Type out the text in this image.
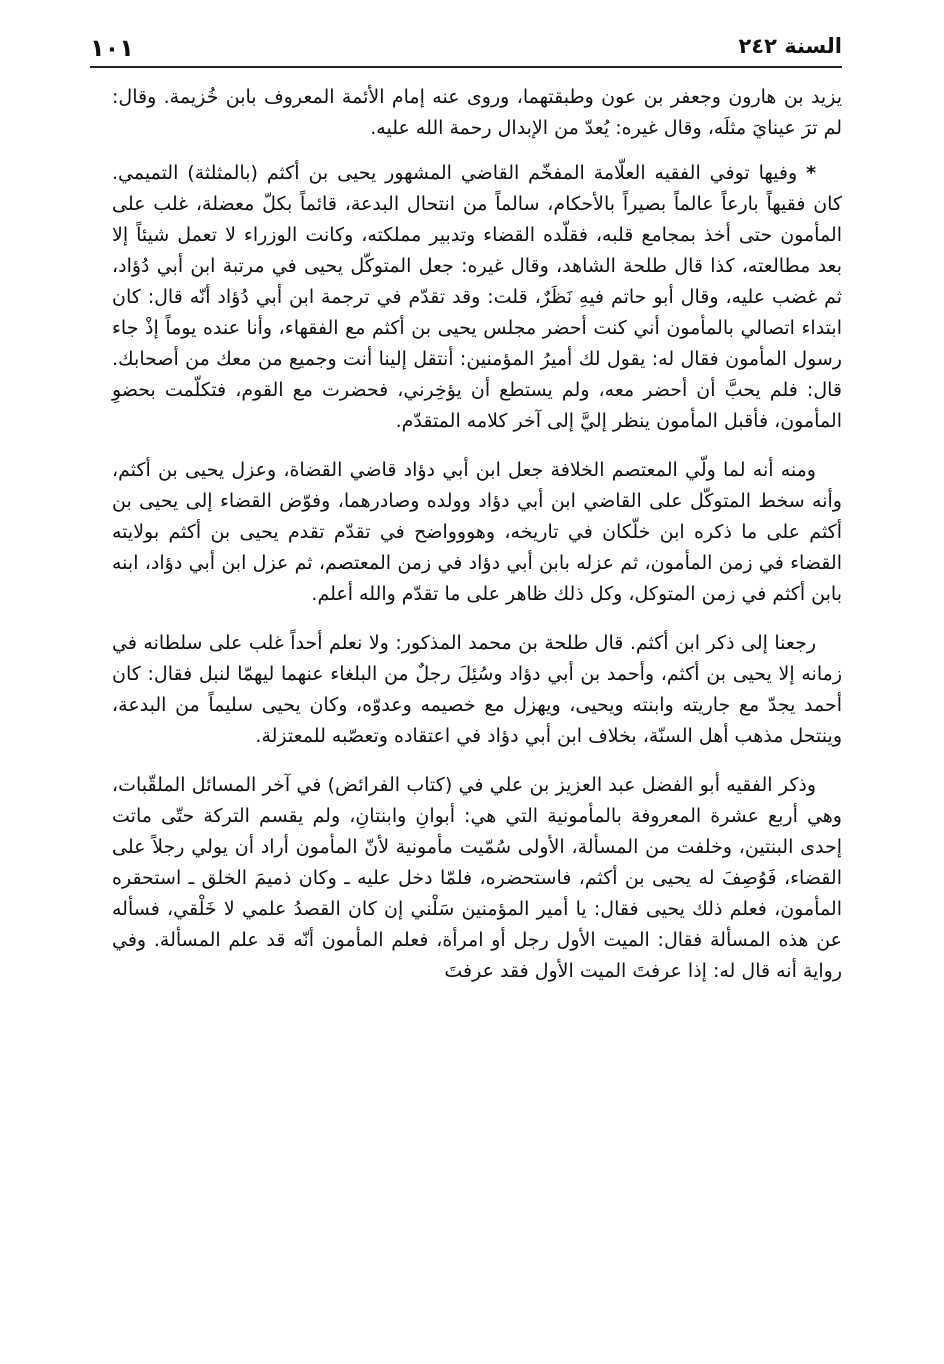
السنة ٢٤٢
١٠١

يزيد بن هارون وجعفر بن عون وطبقتهما، وروى عنه إمام الأئمة المعروف بابن خُزيمة. وقال: لم ترَ عينايَ مثلَه، وقال غيره: يُعدّ من الإبدال رحمة الله عليه.

* وفيها توفي الفقيه العلّامة المفخّم القاضي المشهور يحيى بن أكثم (بالمثلثة) التميمي. كان فقيهاً بارعاً عالماً بصيراً بالأحكام، سالماً من انتحال البدعة، قائماً بكلّ معضلة، غلب على المأمون حتى أخذ بمجامع قلبه، فقلّده القضاء وتدبير مملكته، وكانت الوزراء لا تعمل شيئاً إلا بعد مطالعته، كذا قال طلحة الشاهد، وقال غيره: جعل المتوكّل يحيى في مرتبة ابن أبي دُؤاد، ثم غضب عليه، وقال أبو حاتم فيهِ نَظَرٌ، قلت: وقد تقدّم في ترجمة ابن أبي دُؤاد أنّه قال: كان ابتداء اتصالي بالمأمون أني كنت أحضر مجلس يحيى بن أكثم مع الفقهاء، وأنا عنده يوماً إذْ جاء رسول المأمون فقال له: يقول لك أميرُ المؤمنين: أنتقل إلينا أنت وجميع من معك من أصحابك. قال: فلم يحبَّ أن أحضر معه، ولم يستطع أن يؤخِرني، فحضرت مع القوم، فتكلّمت بحضوِ المأمون، فأقبل المأمون ينظر إليَّ إلى آخر كلامه المتقدّم.

ومنه أنه لما ولّي المعتصم الخلافة جعل ابن أبي دؤاد قاضي القضاة، وعزل يحيى بن أكثم، وأنه سخط المتوكّل على القاضي ابن أبي دؤاد وولده وصادرهما، وفوّض القضاء إلى يحيى بن أكثم على ما ذكره ابن خلّكان في تاريخه، وهووواضح في تقدّم تقدم يحيى بن أكثم بولايته القضاء في زمن المأمون، ثم عزله بابن أبي دؤاد في زمن المعتصم، ثم عزل ابن أبي دؤاد، ابنه بابن أكثم في زمن المتوكل، وكل ذلك ظاهر على ما تقدّم والله أعلم.

رجعنا إلى ذكر ابن أكثم. قال طلحة بن محمد المذكور: ولا نعلم أحداً غلب على سلطانه في زمانه إلا يحيى بن أكثم، وأحمد بن أبي دؤاد وسُئِلَ رجلٌ من البلغاء عنهما ليهمّا لنبل فقال: كان أحمد يجدّ مع جاريته وابنته ويحيى، ويهزل مع خصيمه وعدوّه، وكان يحيى سليماً من البدعة، وينتحل مذهب أهل السنّة، بخلاف ابن أبي دؤاد في اعتقاده وتعصّبه للمعتزلة.

وذكر الفقيه أبو الفضل عبد العزيز بن علي في (كتاب الفرائض) في آخر المسائل الملقّبات، وهي أربع عشرة المعروفة بالمأمونية التي هي: أبوانِ وابنتانِ، ولم يقسم التركة حتّى ماتت إحدى البنتين، وخلفت من المسألة، الأولى سُمّيت مأمونية لأنّ المأمون أراد أن يولي رجلاً على القضاء، فَوُصِفَ له يحيى بن أكثم، فاستحضره، فلمّا دخل عليه ـ وكان ذميمَ الخلق ـ استحقره المأمون، فعلم ذلك يحيى فقال: يا أمير المؤمنين سَلْني إن كان القصدُ علمي لا خَلْقي، فسأله عن هذه المسألة فقال: الميت الأول رجل أو امرأة، فعلم المأمون أنّه قد علم المسألة. وفي رواية أنه قال له: إذا عرفتَ الميت الأول فقد عرفتَ
